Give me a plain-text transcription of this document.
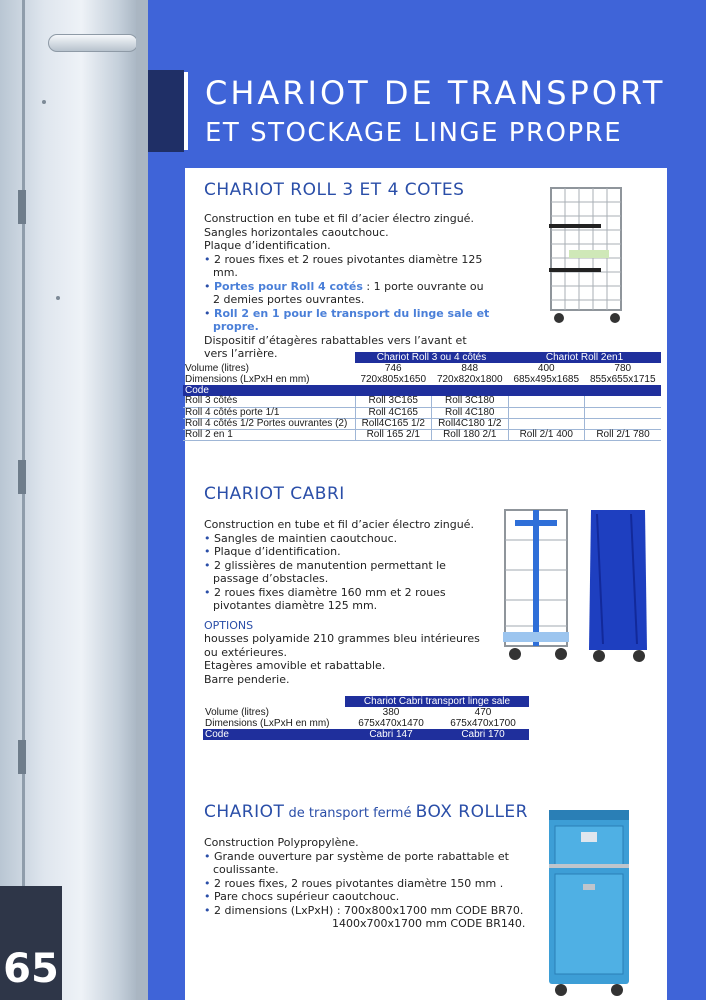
CHARIOT DE TRANSPORT
ET STOCKAGE LINGE PROPRE
65
CHARIOT ROLL 3 ET 4 COTES

Construction en tube et fil d’acier électro zingué.

Sangles horizontales caoutchouc.

Plaque d’identification.

• 2 roues fixes et 2 roues pivotantes diamètre 125 mm.

• Portes pour Roll 4 cotés : 1 porte ouvrante ou 2 demies portes ouvrantes.

• Roll 2 en 1 pour le transport du linge sale et propre.

Dispositif d’étagères rabattables vers l’avant et vers l’arrière.

		Chariot Roll 3 ou 4 côtés		Chariot Roll 2en1	
Volume (litres)	746	848	400	780
Dimensions (LxPxH en mm)	720x805x1650	720x820x1800	685x495x1685	855x655x1715
Code				
Roll 3 côtés	Roll 3C165	Roll 3C180		
Roll 4 côtés porte 1/1	Roll 4C165	Roll 4C180		
Roll 4 côtés 1/2 Portes ouvrantes (2)	Roll4C165 1/2	Roll4C180 1/2		
Roll 2 en 1	Roll 165 2/1	Roll 180 2/1	Roll 2/1 400	Roll 2/1 780
CHARIOT CABRI

Construction en tube et fil d’acier électro zingué.

• Sangles de maintien caoutchouc.

• Plaque d’identification.

• 2 glissières de manutention permettant le passage d’obstacles.

• 2 roues fixes diamètre 160 mm et 2 roues pivotantes diamètre 125 mm.

OPTIONS

housses polyamide 210 grammes bleu intérieures ou extérieures.

Etagères amovible et rabattable.

Barre penderie.

	Chariot Cabri transport linge sale	
Volume (litres)	380	470
Dimensions (LxPxH en mm)	675x470x1470	675x470x1700
Code	Cabri 147	Cabri 170
CHARIOT de transport fermé BOX ROLLER

Construction Polypropylène.

• Grande ouverture par système de porte rabattable et coulissante.

• 2 roues fixes, 2 roues pivotantes diamètre 150 mm .

• Pare chocs supérieur caoutchouc.

• 2 dimensions (LxPxH) : 700x800x1700 mm CODE BR70.

1400x700x1700 mm CODE BR140.
